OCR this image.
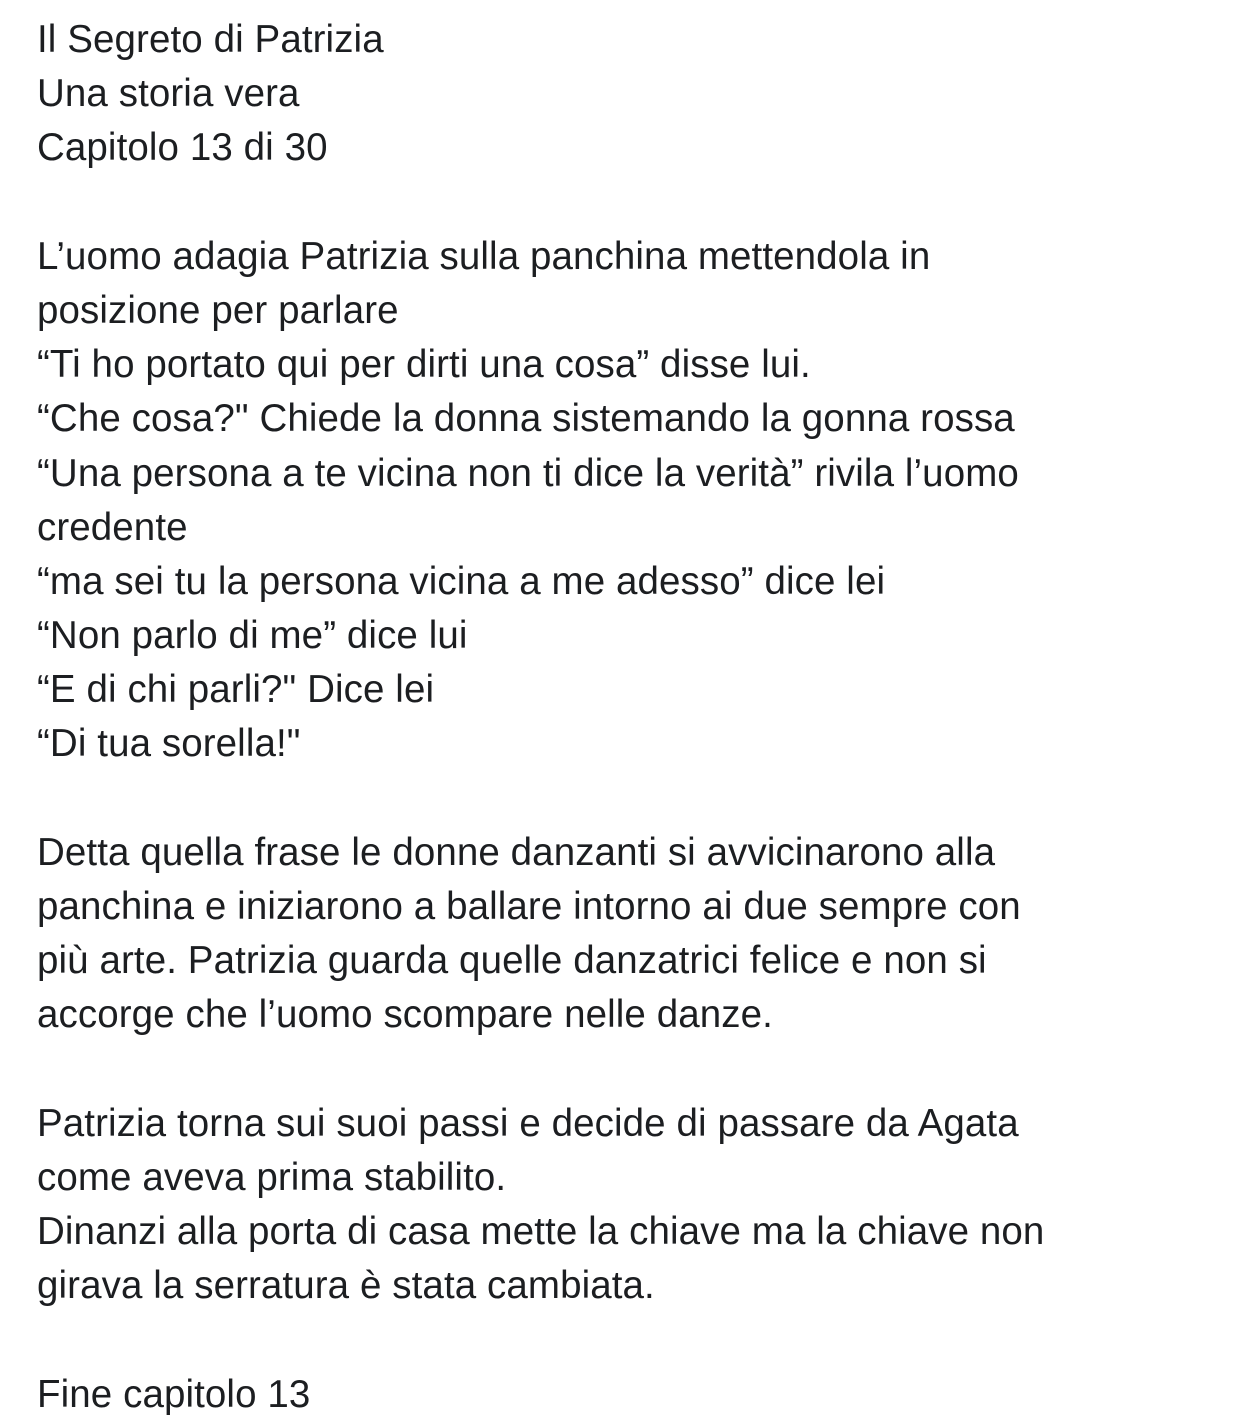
Il Segreto di Patrizia
Una storia vera
Capitolo 13 di 30
L’uomo adagia Patrizia sulla panchina mettendola in
posizione per parlare
“Ti ho portato qui per dirti una cosa” disse lui.
“Che cosa?" Chiede la donna sistemando la gonna rossa
“Una persona a te vicina non ti dice la verità” rivila l’uomo
credente
“ma sei tu la persona vicina a me adesso” dice lei
“Non parlo di me” dice lui
“E di chi parli?" Dice lei
“Di tua sorella!"
Detta quella frase le donne danzanti si avvicinarono alla
panchina e iniziarono a ballare intorno ai due sempre con
più arte. Patrizia guarda quelle danzatrici felice e non si
accorge che l’uomo scompare nelle danze.
Patrizia torna sui suoi passi e decide di passare da Agata
come aveva prima stabilito.
Dinanzi alla porta di casa mette la chiave ma la chiave non
girava la serratura è stata cambiata.
Fine capitolo 13
